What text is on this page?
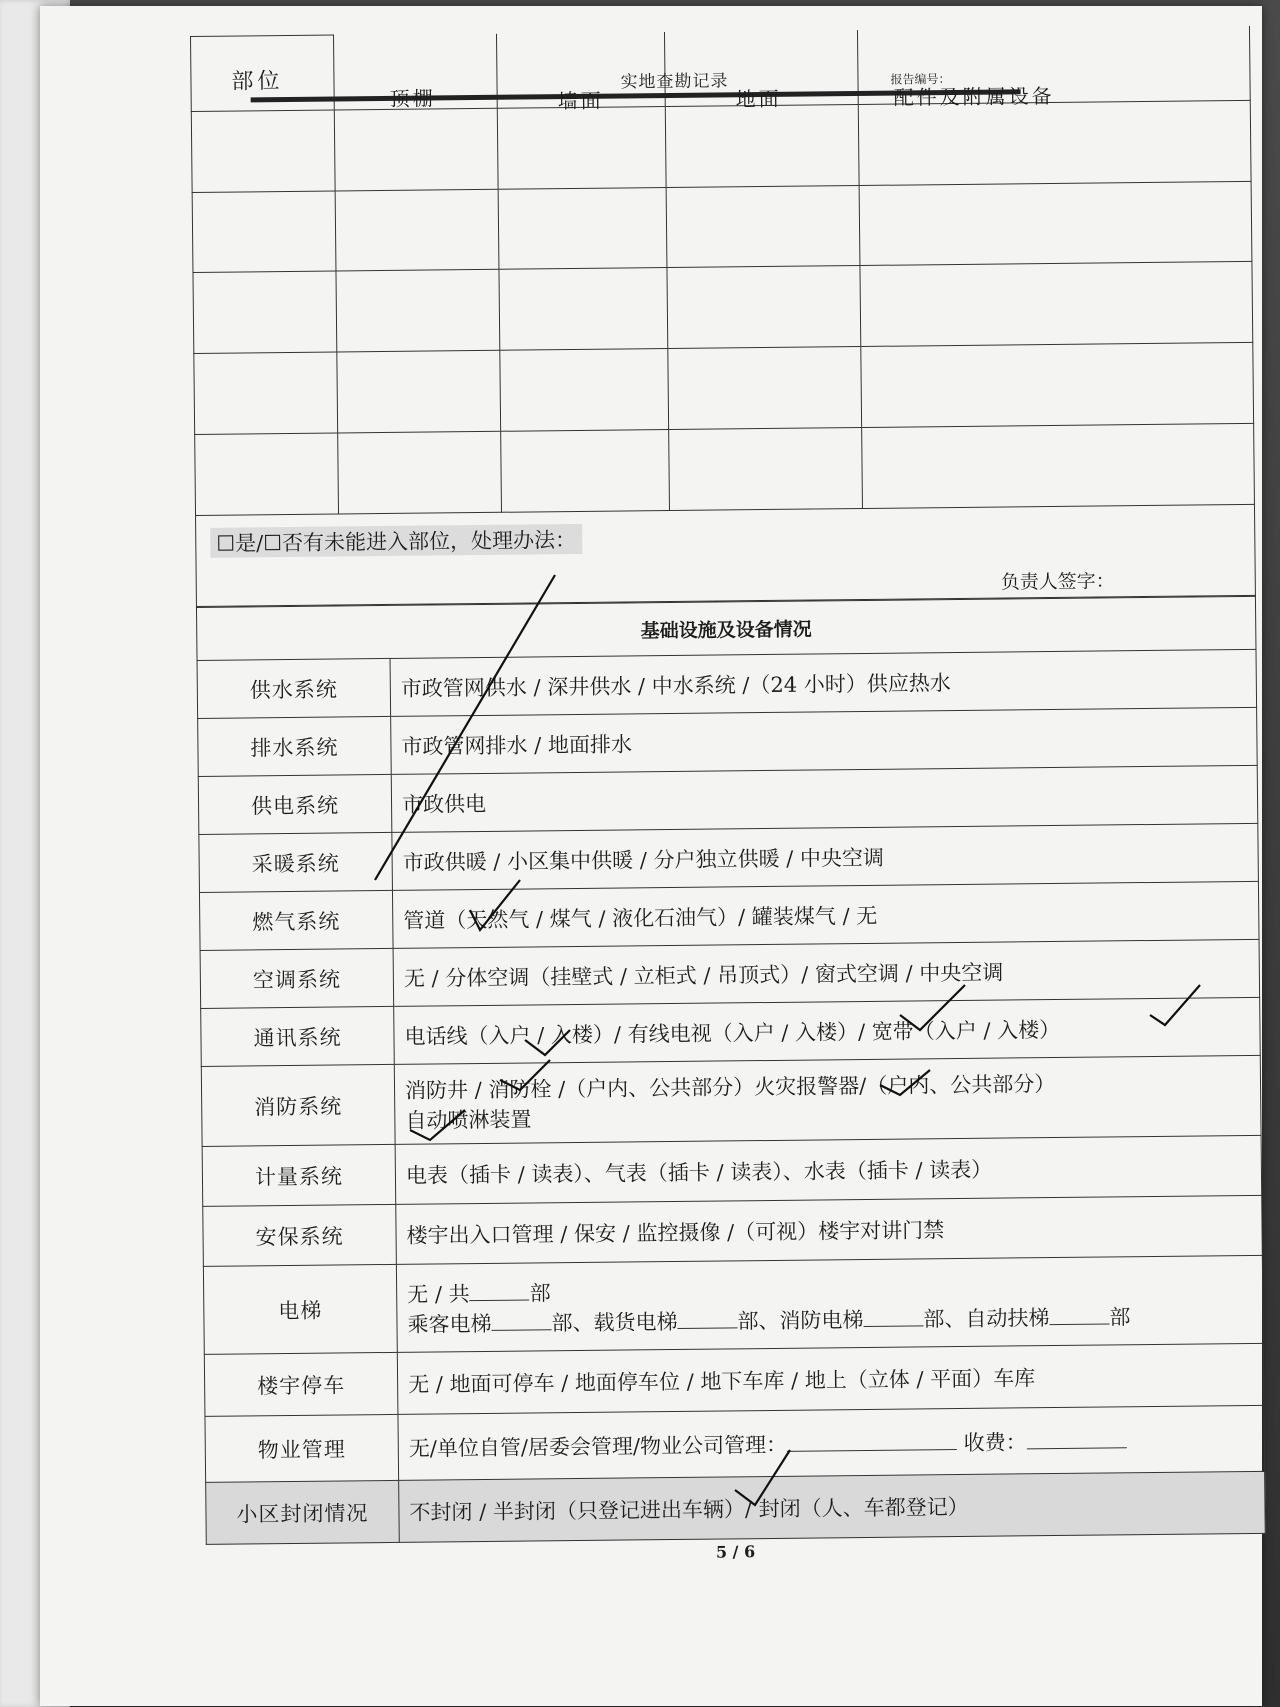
实地查勘记录	报告编号：
部位	顶棚	墙面	地面	配件及附属设备

☐是/☐否有未能进入部位，处理办法：
负责人签字：
基础设施及设备情况	
供水系统	市政管网供水 / 深井供水 / 中水系统 /（24 小时）供应热水
排水系统	市政管网排水 / 地面排水
供电系统	市政供电
采暖系统	市政供暖 / 小区集中供暖 / 分户独立供暖 / 中央空调
燃气系统	管道（天然气 / 煤气 / 液化石油气）/ 罐装煤气 / 无
空调系统	无 / 分体空调（挂壁式 / 立柜式 / 吊顶式）/ 窗式空调 / 中央空调
通讯系统	电话线（入户 / 入楼）/ 有线电视（入户 / 入楼）/ 宽带（入户 / 入楼）
消防系统	消防井 / 消防栓 /（户内、公共部分）火灾报警器/（户内、公共部分）
自动喷淋装置

计量系统	电表（插卡 / 读表）、气表（插卡 / 读表）、水表（插卡 / 读表）
安保系统	楼宇出入口管理 / 保安 / 监控摄像 /（可视）楼宇对讲门禁
电梯	无 / 共 部
乘客电梯 部、载货电梯 部、消防电梯 部、自动扶梯 部

楼宇停车	无 / 地面可停车 / 地面停车位 / 地下车库 / 地上（立体 / 平面）车库
物业管理	无/单位自管/居委会管理/物业公司管理： 收费：
小区封闭情况	不封闭 / 半封闭（只登记进出车辆）/ 封闭（人、车都登记）
5 / 6
